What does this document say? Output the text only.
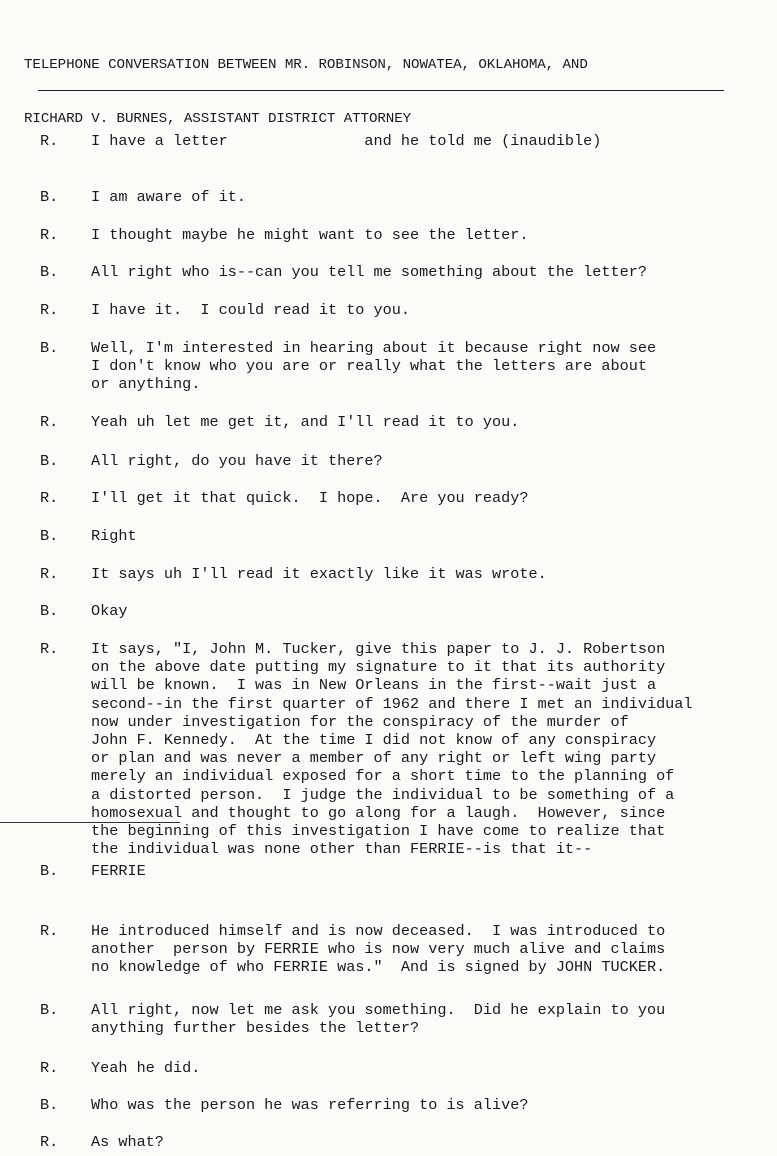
TELEPHONE CONVERSATION BETWEEN MR. ROBINSON, NOWATEA, OKLAHOMA, AND

RICHARD V. BURNES, ASSISTANT DISTRICT ATTORNEY

R.	I have a letter               and he told me (inaudible)
B.	I am aware of it.
R.	I thought maybe he might want to see the letter.
B.	All right who is--can you tell me something about the letter?
R.	I have it.  I could read it to you.
B.	Well, I'm interested in hearing about it because right now see
I don't know who you are or really what the letters are about
or anything.
R.	Yeah uh let me get it, and I'll read it to you.
B.	All right, do you have it there?
R.	I'll get it that quick.  I hope.  Are you ready?
B.	Right
R.	It says uh I'll read it exactly like it was wrote.
B.	Okay
R.	It says, "I, John M. Tucker, give this paper to J. J. Robertson
on the above date putting my signature to it that its authority
will be known.  I was in New Orleans in the first--wait just a
second--in the first quarter of 1962 and there I met an individual
now under investigation for the conspiracy of the murder of
John F. Kennedy.  At the time I did not know of any conspiracy
or plan and was never a member of any right or left wing party
merely an individual exposed for a short time to the planning of
a distorted person.  I judge the individual to be something of a
homosexual and thought to go along for a laugh.  However, since
the beginning of this investigation I have come to realize that
the individual was none other than FERRIE--is that it--
B.	FERRIE
R.	He introduced himself and is now deceased.  I was introduced to
another  person by FERRIE who is now very much alive and claims
no knowledge of who FERRIE was."  And is signed by JOHN TUCKER.
B.	All right, now let me ask you something.  Did he explain to you
anything further besides the letter?
R.	Yeah he did.
B.	Who was the person he was referring to is alive?
R.	As what?
